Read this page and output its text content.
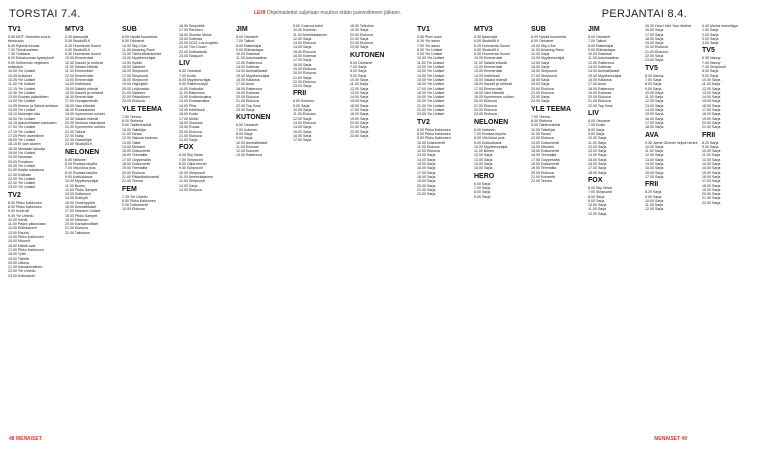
TORSTAI 7.4.	LEHI Ohjelmatiedot suljetaan muutosi etään painoviimeen jälkeen.	PERJANTAI 8.4.
TV1

5.55 MOT: Historian suurin tietovuoto

6.40 Ryhmä tuhoaa

7.00 Tietokoneiden

7.30 Tuikkaus

8.00 Eduskunnan kyselytunti

9.00 Seitsemän veljeksen seikkailut

10.00 Yle Uutiset

10.05 Kultaiset

10.35 Yle Uutiset

11.00 Yle Uutiset

12.15 Yle Uutiset

12.30 Yle Uutiset

13.00 Ruotsin pääsiäinen

14.00 Yle Uutiset

14.05 Kimmo ja Sanna suhtaus.

15.00 Yle Uutiset

15.10 Muistojen talo

16.00 Yle Uutiset

16.15 Ajankohtaisen kakkosen

17.00 Yle Uutiset

17.15 Yle Uutiset

17.25 Pieni alueellinen

18.00 Yle Uutiset

18.15 Ei vain alueen

18.30 Nevadan lahoaja

19.00 Yle Uutiset

19.30 Nevadan

20.00 Punainen

20.30 Yle Uutiset

21.00 Kesän salaisuus

21.30 Kotikatu

22.00 Yle Uutiset

22.30 Yle Uutiset

23.00 Yle Uutiset

TV2

6.00 Pikku Kakkonen

8.00 Pikku Kakkonen

9.00 Kontrolli

9.30 Yle Urheilu

10.00 Kehät

11.00 Paljon pikkusiaan

12.00 Eläinkaverit

13.00 Rauha

14.00 Pikku Kakkonen

15.00 Muumit

16.00 Nämä ovat

17.00 Pikku Kakkonen

18.00 Tyttö

19.00 Tiibetin

20.00 Ulkona

21.00 Kansainvälinen

22.00 Yle Urheilu

23.00 Kotimaiset

MTV3

5.30 Aamusää

5.45 Studio55.fi

6.25 Huomenta Suomi

9.00 Studio55.fi

9.30 Huomenta Suomi

10.00 Emmerdale

10.30 Kauniit ja rohkeat

11.00 Salatut elämät

11.30 Emmerdale

12.00 Emmerdale

13.00 Emmerdale

14.00 Keittiössä

15.00 Salatut elämät

16.00 Kauniit ja rohkeat

16.30 Emmerdale

17.00 Hunajamöndiö

18.00 Vain elämää

18.30 Ruotsalaiset

19.00 Kymmenen uutiset

19.30 Salatut elämät

20.00 Sinkkua etsimässä

21.00 Kymmenen uutiset

21.30 Talous

22.00 Noisy

22.30 Haaveilijat

23.00 Studio55.fi

NELONEN

6.00 Nelonen

6.05 Ruokaa tarjolla

7.00 Viisi kiloa pois

8.00 Ruokaa tarjolla

9.00 Kotikokkaus

10.00 Myytinmurtajat

11.00 Bones

12.00 Pikku Sampet

13.00 Soittoinen

14.00 Kotikylä

15.00 Onnenpyörä

16.00 Ammattilaiset

17.00 Nelosen Uutiset

18.00 Pikku Sampet

19.00 Nelonen

20.00 Kansainväliset

21.00 Elokuva

22.00 Talkshow

SUB

6.00 Hyvää huomenta

8.00 Ostosnet

10.00 Sky-Clue

11.00 Amazing Race

12.00 Tähtiväärikoksinet

13.00 Myytinmurtajat

14.00 Sydän

15.00 Salaiset

16.00 Simpsonit

17.00 Simpsonit

18.00 Simpsonit

19.00 Hajunjälki

20.00 Leijonatalo

21.00 Salaiset

22.00 Pääsiäinen

23.00 Elokuva

YLE TEEMA

7.00 Teema

8.00 Sinfonia

9.00 Taidemusiikki

10.00 Taiteilijat

11.00 Tanssi

12.00 Saksan elokuva

13.00 Taide

14.00 Mestarit

15.00 Dokumentti

16.00 Teemailta

17.00 Oopperailta

18.00 Dokumentti

19.00 Teemailta

20.00 Elokuva

21.00 Pääsiäiskonsertti

22.00 Teema

FEM

7.25 Yle Urheilu

8.00 Pikku Kakkonen

9.00 Dokumentti

10.00 Elokuva

16.00 Seopolitik

17.00 Perheen

18.00 Sunrise Music

19.00 Kotimaa

20.00 NCIS Los Angeles

21.00 The Crown

22.00 Kotikadulla

23.00 Naapurit

LIV

6.00 Ostosnet

7.00 Kodin

8.00 Myytinmurtajat

9.00 Rakennustyö

10.00 Kotikokki

11.00 Rakennus

12.00 Kodinsisustus

13.00 Ruokamatka

14.00 Piha

15.00 Keittiössä

16.00 Kodin

17.00 Mökki

18.00 Sisustus

19.00 Ruoka

20.00 Elokuva

21.00 Elokuva

22.00 Sarja

FOX

6.00 Sky News

7.00 Simpsonit

8.00 Olipa kerran

9.00 Simpsonit

10.00 Simpsonit

11.00 Amerikkalainen

12.00 Simpsonit

13.00 Sarja

14.00 Elokuva

JIM

6.00 Ostosnet

7.00 Taikuri

8.00 Rakentajat

9.00 Elämäntapa

10.00 Kalastus

11.00 Automaailma

12.00 Rakennus

13.00 Kotimaa

14.00 Ammattilaiset

15.00 Myytinmurtajat

16.00 Kalastus

17.00 Autot

18.00 Rakennus

19.00 Kotimaa

20.00 Elokuva

21.00 Elokuva

22.00 Top Gear

23.00 Sarja

KUTONEN

6.00 Ostosnet

7.00 Kutonen

8.00 Sarja

9.00 Sarja

10.00 Ammattilaiset

11.00 Elokuva

12.00 Kutonen

13.00 Rakennus

9.00 Cosmos tutkii

10.00 Kutonen

11.00 Amerikkalainen

12.00 Sarja

13.00 Elokuva

14.00 Sarja

15.00 Elokuva

16.00 Kotimaa

17.00 Sarja

18.00 Sarja

19.00 Elokuva

20.00 Elokuva

21.00 Sarja

22.00 Elokuva

23.00 Sarja

FRII

8.00 Kutonen

9.00 Sarja

10.00 Sarja

11.00 Elokuva

12.00 Sarja

13.00 Elokuva

14.00 Sarja

15.00 Sarja

16.00 Sarja

17.00 Sarja

18.30 Televisio

19.00 Sarja

20.00 Elokuva

21.00 Sarja

22.00 Elokuva

23.00 Sarja

KUTONEN

6.00 Ostosnet

7.00 Sarja

8.00 Sarja

9.00 Sarja

10.00 Sarja

11.00 Sarja

12.00 Sarja

13.00 Sarja

14.00 Sarja

15.00 Sarja

16.00 Sarja

17.00 Sarja

18.00 Sarja

19.00 Sarja

20.00 Sarja

21.00 Sarja

22.00 Sarja

23.00 Sarja

TV1

5.55 Pieni suuri

6.30 Yle aamu

7.00 Yle aamu

8.00 Yle Uutiset

9.00 Yle Uutiset

10.00 Yle Uutiset

11.00 Yle Uutiset

12.00 Yle Uutiset

13.00 Yle Uutiset

14.00 Yle Uutiset

15.00 Yle Uutiset

16.00 Yle Uutiset

17.00 Yle Uutiset

18.00 Yle Uutiset

19.00 Yle Uutiset

20.00 Yle Uutiset

21.00 Yle Uutiset

22.00 Yle Uutiset

23.00 Yle Uutiset

TV2

6.00 Pikku Kakkonen

8.00 Pikku Kakkonen

9.00 Pikku Kakkonen

10.00 Dokumentti

11.00 Elokuva

12.00 Elokuva

13.00 Sarja

14.00 Sarja

15.00 Sarja

16.00 Sarja

17.00 Sarja

18.00 Sarja

19.00 Sarja

20.00 Sarja

21.00 Sarja

22.00 Sarja

MTV3

5.30 Aamusää

6.00 Studio55.fi

6.25 Huomenta Suomi

9.00 Studio55.fi

9.30 Huomenta Suomi

10.00 Emmerdale

11.00 Salatut elämät

12.00 Emmerdale

13.00 Emmerdale

14.00 Keittiössä

15.00 Salatut elämät

16.00 Kauniit ja rohkeat

17.00 Emmerdale

18.00 Vain elämää

19.00 Kymmenen uutiset

20.00 Elokuva

21.00 Elokuva

22.00 Elokuva

23.00 Elokuva

NELONEN

6.00 Nelonen

7.00 Ruokaa tarjolla

8.00 Viisi kiloa pois

9.00 Kotikokkaus

10.00 Myytinmurtajat

11.00 Bones

12.00 Sarja

13.00 Sarja

14.00 Sarja

15.00 Sarja

HERO

6.00 Sarja

7.00 Sarja

8.00 Sarja

9.00 Sarja

SUB

6.00 Hyvää huomenta

8.00 Ostosnet

10.00 Sky-Clue

11.00 Amazing Race

12.00 Sarja

13.00 Myytinmurtajat

14.00 Sarja

15.00 Sarja

16.00 Simpsonit

17.00 Simpsonit

18.00 Sarja

19.00 Sarja

20.00 Elokuva

21.00 Elokuva

22.00 Sarja

23.00 Sarja

YLE TEEMA

7.00 Teema

8.00 Sinfonia

9.00 Taidemusiikki

10.00 Taiteilijat

11.00 Tanssi

12.00 Elokuva

13.00 Dokumentti

14.00 Mestarit

15.00 Dokumentti

16.00 Teemailta

17.00 Oopperailta

18.00 Dokumentti

19.00 Teemailta

20.00 Elokuva

21.00 Konsertti

22.00 Teema

JIM

6.00 Ostosnet

7.00 Taikuri

8.00 Rakentajat

9.00 Elämäntapa

10.00 Kalastus

11.00 Automaailma

12.00 Rakennus

13.00 Kotimaa

14.00 Ammattilaiset

15.00 Myytinmurtajat

16.00 Kalastus

17.00 Autot

18.00 Rakennus

19.00 Kotimaa

20.00 Elokuva

21.00 Elokuva

22.00 Top Gear

LIV

6.00 Ostosnet

7.00 Kodin

8.00 Sarja

9.00 Sarja

10.00 Sarja

11.00 Sarja

12.00 Sarja

13.00 Sarja

14.00 Sarja

15.00 Sarja

16.00 Sarja

17.00 Sarja

18.00 Sarja

FOX

6.00 Sky News

7.00 Simpsonit

8.00 Sarja

9.00 Sarja

10.00 Sarja

11.00 Sarja

12.00 Sarja

15.30 How I Met Your Mother

16.00 Sarja

17.00 Sarja

18.00 Sarja

19.00 Sarja

20.00 Elokuva

21.00 Elokuva

22.00 Sarja

23.00 Sarja

TV5

6.30 Nanny

7.00 Sarja

8.00 Sarja

9.00 Sarja

10.00 Sarja

11.00 Sarja

12.00 Sarja

13.00 Sarja

14.00 Sarja

15.00 Sarja

16.00 Sarja

17.00 Sarja

18.00 Sarja

AVA

9.30 Jamie Oliverin helpot herkut

10.00 Sarja

11.00 Sarja

12.00 Sarja

13.00 Sarja

14.00 Sarja

15.00 Sarja

16.00 Sarja

17.00 Sarja

FRII

8.20 Sarja

9.00 Sarja

10.00 Sarja

11.00 Sarja

12.00 Sarja

0.40 Murha meneillyyn

1.00 Sarja

2.00 Sarja

3.00 Sarja

4.00 Sarja

TV5

6.30 Nanny

7.00 Nanny

7.30 Simpsonit

8.00 Sarja

9.00 Sarja

10.00 Sarja

11.00 Sarja

12.00 Sarja

13.00 Sarja

14.00 Sarja

15.00 Sarja

16.00 Sarja

17.00 Sarja

18.00 Sarja

19.00 Sarja

20.00 Sarja

21.00 Sarja

FRII

8.20 Sarja

9.00 Sarja

10.00 Sarja

11.00 Sarja

12.00 Sarja

13.00 Sarja

14.00 Sarja

15.00 Sarja

16.00 Sarja

17.00 Sarja

18.00 Sarja

19.00 Sarja

20.00 Sarja

21.00 Sarja

22.00 Sarja

48 MENAISET	MENAISET 49
